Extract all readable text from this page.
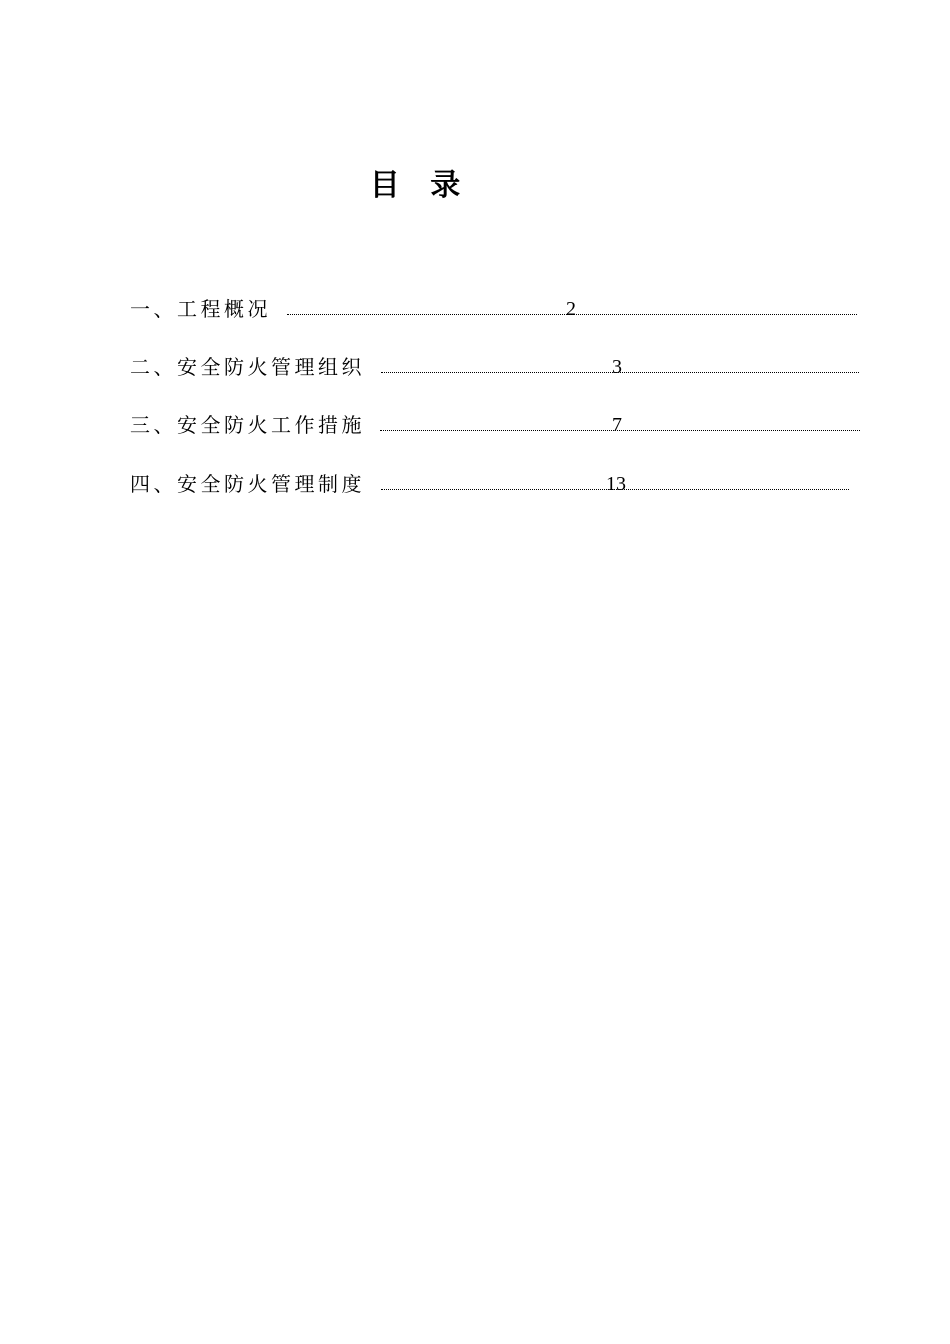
目 录
一、工程概况	2
二、安全防火管理组织	3
三、安全防火工作措施	7
四、安全防火管理制度	13
